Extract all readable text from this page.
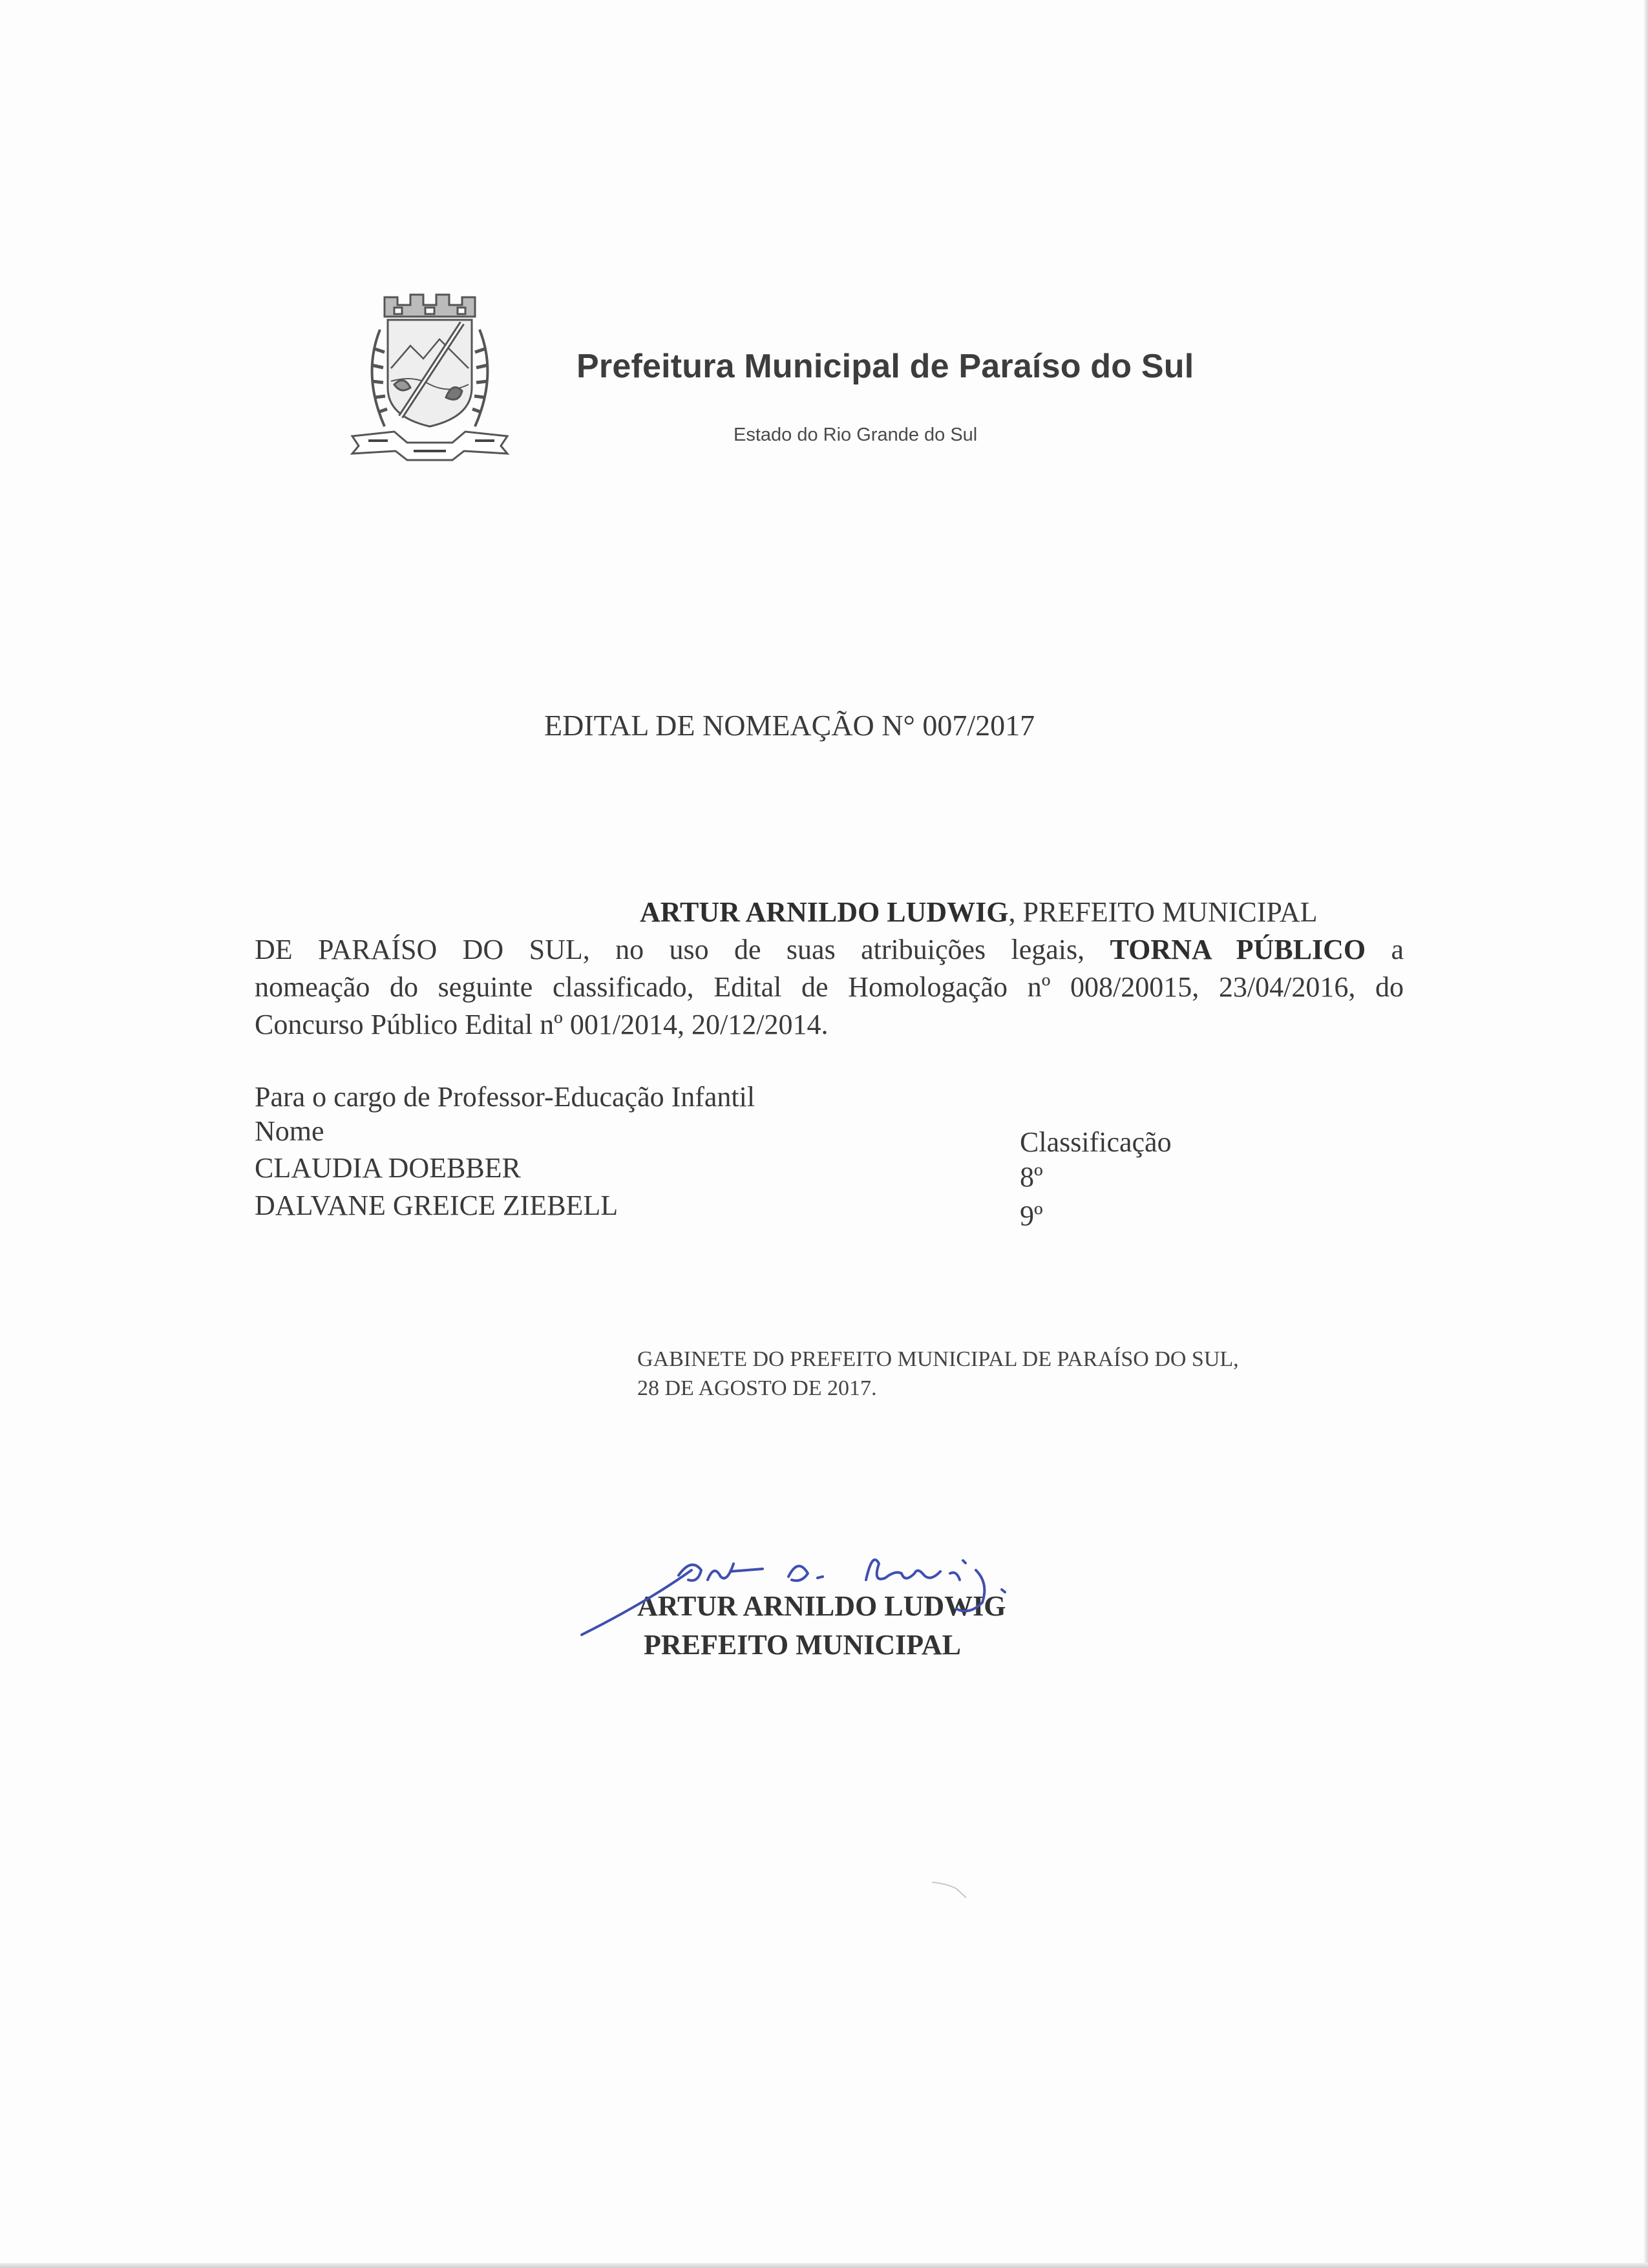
Prefeitura Municipal de Paraíso do Sul

Estado do Rio Grande do Sul

EDITAL DE NOMEAÇÃO N° 007/2017
ARTUR ARNILDO LUDWIG, PREFEITO MUNICIPAL
DE PARAÍSO DO SUL, no uso de suas atribuições legais, TORNA PÚBLICO a
nomeação do seguinte classificado, Edital de Homologação nº 008/20015, 23/04/2016, do
Concurso Público Edital nº 001/2014, 20/12/2014.

Para o cargo de Professor-Educação Infantil

Nome	Classificação

CLAUDIA DOEBBER	8º

DALVANE GREICE ZIEBELL	9º

GABINETE DO PREFEITO MUNICIPAL DE PARAÍSO DO SUL,

28 DE AGOSTO DE 2017.

ARTUR ARNILDO LUDWIG

PREFEITO MUNICIPAL
